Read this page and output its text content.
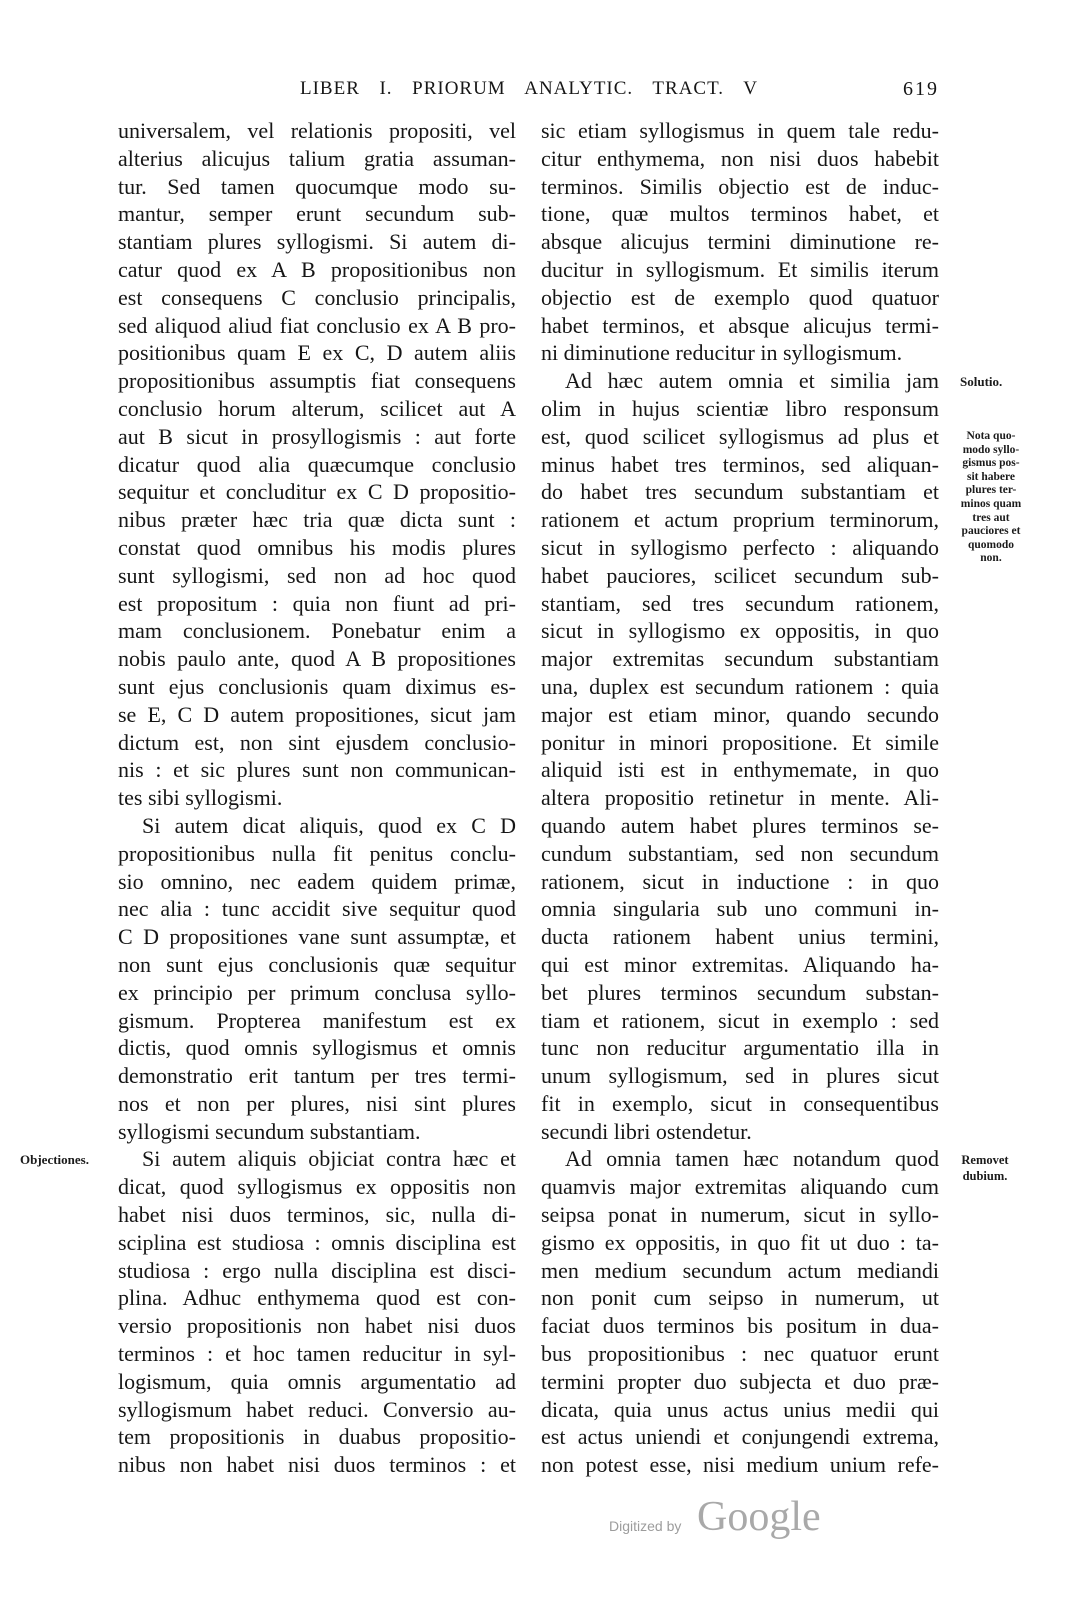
LIBER I. PRIORUM ANALYTIC. TRACT. V	619
universalem, vel relationis propositi, vel
alterius alicujus talium gratia assuman-
tur. Sed tamen quocumque modo su-
mantur, semper erunt secundum sub-
stantiam plures syllogismi. Si autem di-
catur quod ex A B propositionibus non
est consequens C conclusio principalis,
sed aliquod aliud fiat conclusio ex A B pro-
positionibus quam E ex C, D autem aliis
propositionibus assumptis fiat consequens
conclusio horum alterum, scilicet aut A
aut B sicut in prosyllogismis : aut forte
dicatur quod alia quæcumque conclusio
sequitur et concluditur ex C D propositio-
nibus præter hæc tria quæ dicta sunt :
constat quod omnibus his modis plures
sunt syllogismi, sed non ad hoc quod
est propositum : quia non fiunt ad pri-
mam conclusionem. Ponebatur enim a
nobis paulo ante, quod A B propositiones
sunt ejus conclusionis quam diximus es-
se E, C D autem propositiones, sicut jam
dictum est, non sint ejusdem conclusio-
nis : et sic plures sunt non communican-
tes sibi syllogismi.
Si autem dicat aliquis, quod ex C D
propositionibus nulla fit penitus conclu-
sio omnino, nec eadem quidem primæ,
nec alia : tunc accidit sive sequitur quod
C D propositiones vane sunt assumptæ, et
non sunt ejus conclusionis quæ sequitur
ex principio per primum conclusa syllo-
gismum. Propterea manifestum est ex
dictis, quod omnis syllogismus et omnis
demonstratio erit tantum per tres termi-
nos et non per plures, nisi sint plures
syllogismi secundum substantiam.
Si autem aliquis objiciat contra hæc et
dicat, quod syllogismus ex oppositis non
habet nisi duos terminos, sic, nulla di-
sciplina est studiosa : omnis disciplina est
studiosa : ergo nulla disciplina est disci-
plina. Adhuc enthymema quod est con-
versio propositionis non habet nisi duos
terminos : et hoc tamen reducitur in syl-
logismum, quia omnis argumentatio ad
syllogismum habet reduci. Conversio au-
tem propositionis in duabus propositio-
nibus non habet nisi duos terminos : et
sic etiam syllogismus in quem tale redu-
citur enthymema, non nisi duos habebit
terminos. Similis objectio est de induc-
tione, quæ multos terminos habet, et
absque alicujus termini diminutione re-
ducitur in syllogismum. Et similis iterum
objectio est de exemplo quod quatuor
habet terminos, et absque alicujus termi-
ni diminutione reducitur in syllogismum.
Ad hæc autem omnia et similia jam
olim in hujus scientiæ libro responsum
est, quod scilicet syllogismus ad plus et
minus habet tres terminos, sed aliquan-
do habet tres secundum substantiam et
rationem et actum proprium terminorum,
sicut in syllogismo perfecto : aliquando
habet pauciores, scilicet secundum sub-
stantiam, sed tres secundum rationem,
sicut in syllogismo ex oppositis, in quo
major extremitas secundum substantiam
una, duplex est secundum rationem : quia
major est etiam minor, quando secundo
ponitur in minori propositione. Et simile
aliquid isti est in enthymemate, in quo
altera propositio retinetur in mente. Ali-
quando autem habet plures terminos se-
cundum substantiam, sed non secundum
rationem, sicut in inductione : in quo
omnia singularia sub uno communi in-
ducta rationem habent unius termini,
qui est minor extremitas. Aliquando ha-
bet plures terminos secundum substan-
tiam et rationem, sicut in exemplo : sed
tunc non reducitur argumentatio illa in
unum syllogismum, sed in plures sicut
fit in exemplo, sicut in consequentibus
secundi libri ostendetur.
Ad omnia tamen hæc notandum quod
quamvis major extremitas aliquando cum
seipsa ponat in numerum, sicut in syllo-
gismo ex oppositis, in quo fit ut duo : ta-
men medium secundum actum mediandi
non ponit cum seipso in numerum, ut
faciat duos terminos bis positum in dua-
bus propositionibus : nec quatuor erunt
termini propter duo subjecta et duo præ-
dicata, quia unus actus unius medii qui
est actus uniendi et conjungendi extrema,
non potest esse, nisi medium unium refe-
Objectiones.
Solutio.
Nota quo-
modo syllo-
gismus pos-
sit habere
plures ter-
minos quam
tres aut
pauciores et
quomodo
non.
Removet
dubium.
Digitized by Google
